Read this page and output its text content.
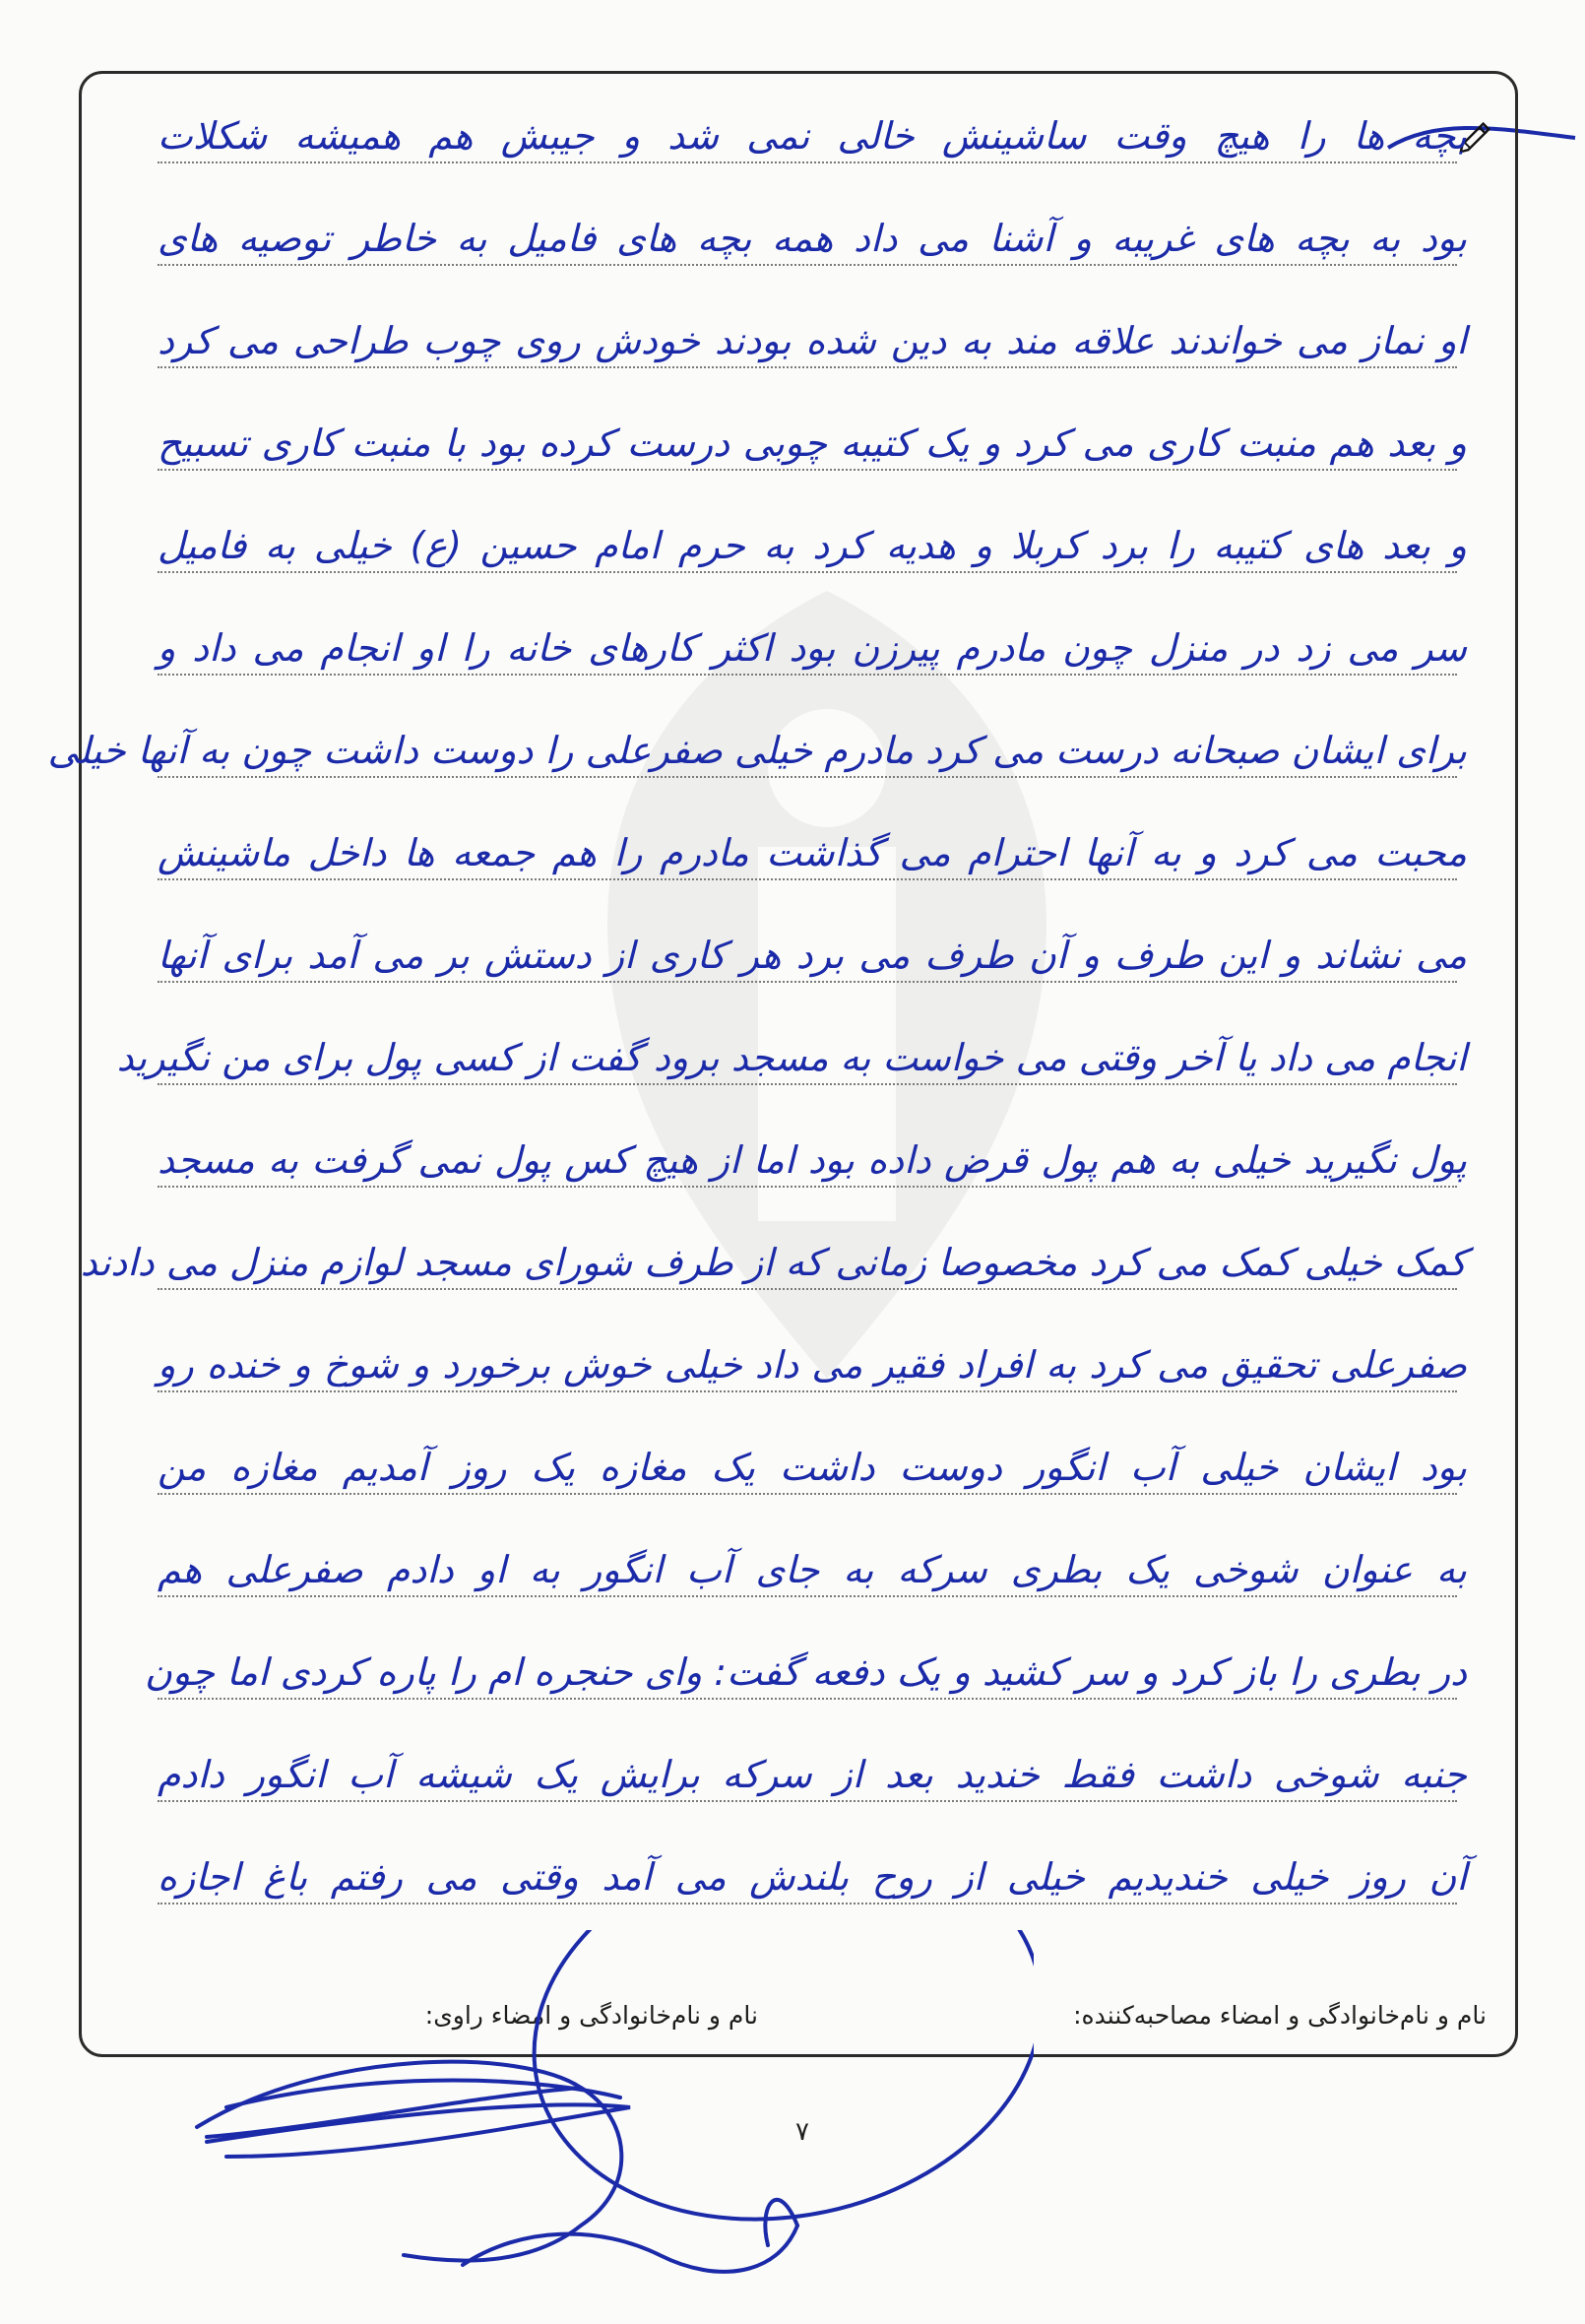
بچه ها را هیچ وقت ساشینش خالی نمی شد و جیبش هم همیشه شکلات
بود به بچه های غریبه و آشنا می داد همه بچه های فامیل به خاطر توصیه های
او نماز می خواندند علاقه مند به دین شده بودند خودش روی چوب طراحی می کرد
و بعد هم منبت کاری می کرد و یک کتیبه چوبی درست کرده بود با منبت کاری تسبیح
و بعد های کتیبه را برد کربلا و هدیه کرد به حرم امام حسین (ع) خیلی به فامیل
سر می زد در منزل چون مادرم پیرزن بود اکثر کارهای خانه را او انجام می داد و
برای ایشان صبحانه درست می کرد مادرم خیلی صفرعلی را دوست داشت چون به آنها خیلی
محبت می کرد و به آنها احترام می گذاشت مادرم را هم جمعه ها داخل ماشینش
می نشاند و این طرف و آن طرف می برد هر کاری از دستش بر می آمد برای آنها
انجام می داد یا آخر وقتی می خواست به مسجد برود گفت از کسی پول برای من نگیرید
پول نگیرید خیلی به هم پول قرض داده بود اما از هیچ کس پول نمی گرفت به مسجد
کمک خیلی کمک می کرد مخصوصا زمانی که از طرف شورای مسجد لوازم منزل می دادند
صفرعلی تحقیق می کرد به افراد فقیر می داد خیلی خوش برخورد و شوخ و خنده رو
بود ایشان خیلی آب انگور دوست داشت یک مغازه یک روز آمدیم مغازه من
به عنوان شوخی یک بطری سرکه به جای آب انگور به او دادم صفرعلی هم
در بطری را باز کرد و سر کشید و یک دفعه گفت: وای حنجره ام را پاره کردی اما چون
جنبه شوخی داشت فقط خندید بعد از سرکه برایش یک شیشه آب انگور دادم
آن روز خیلی خندیدیم خیلی از روح بلندش می آمد وقتی می رفتم باغ اجازه
نام و نام‌خانوادگی و امضاء مصاحبه‌کننده:
نام و نام‌خانوادگی و امضاء راوی:
۷
